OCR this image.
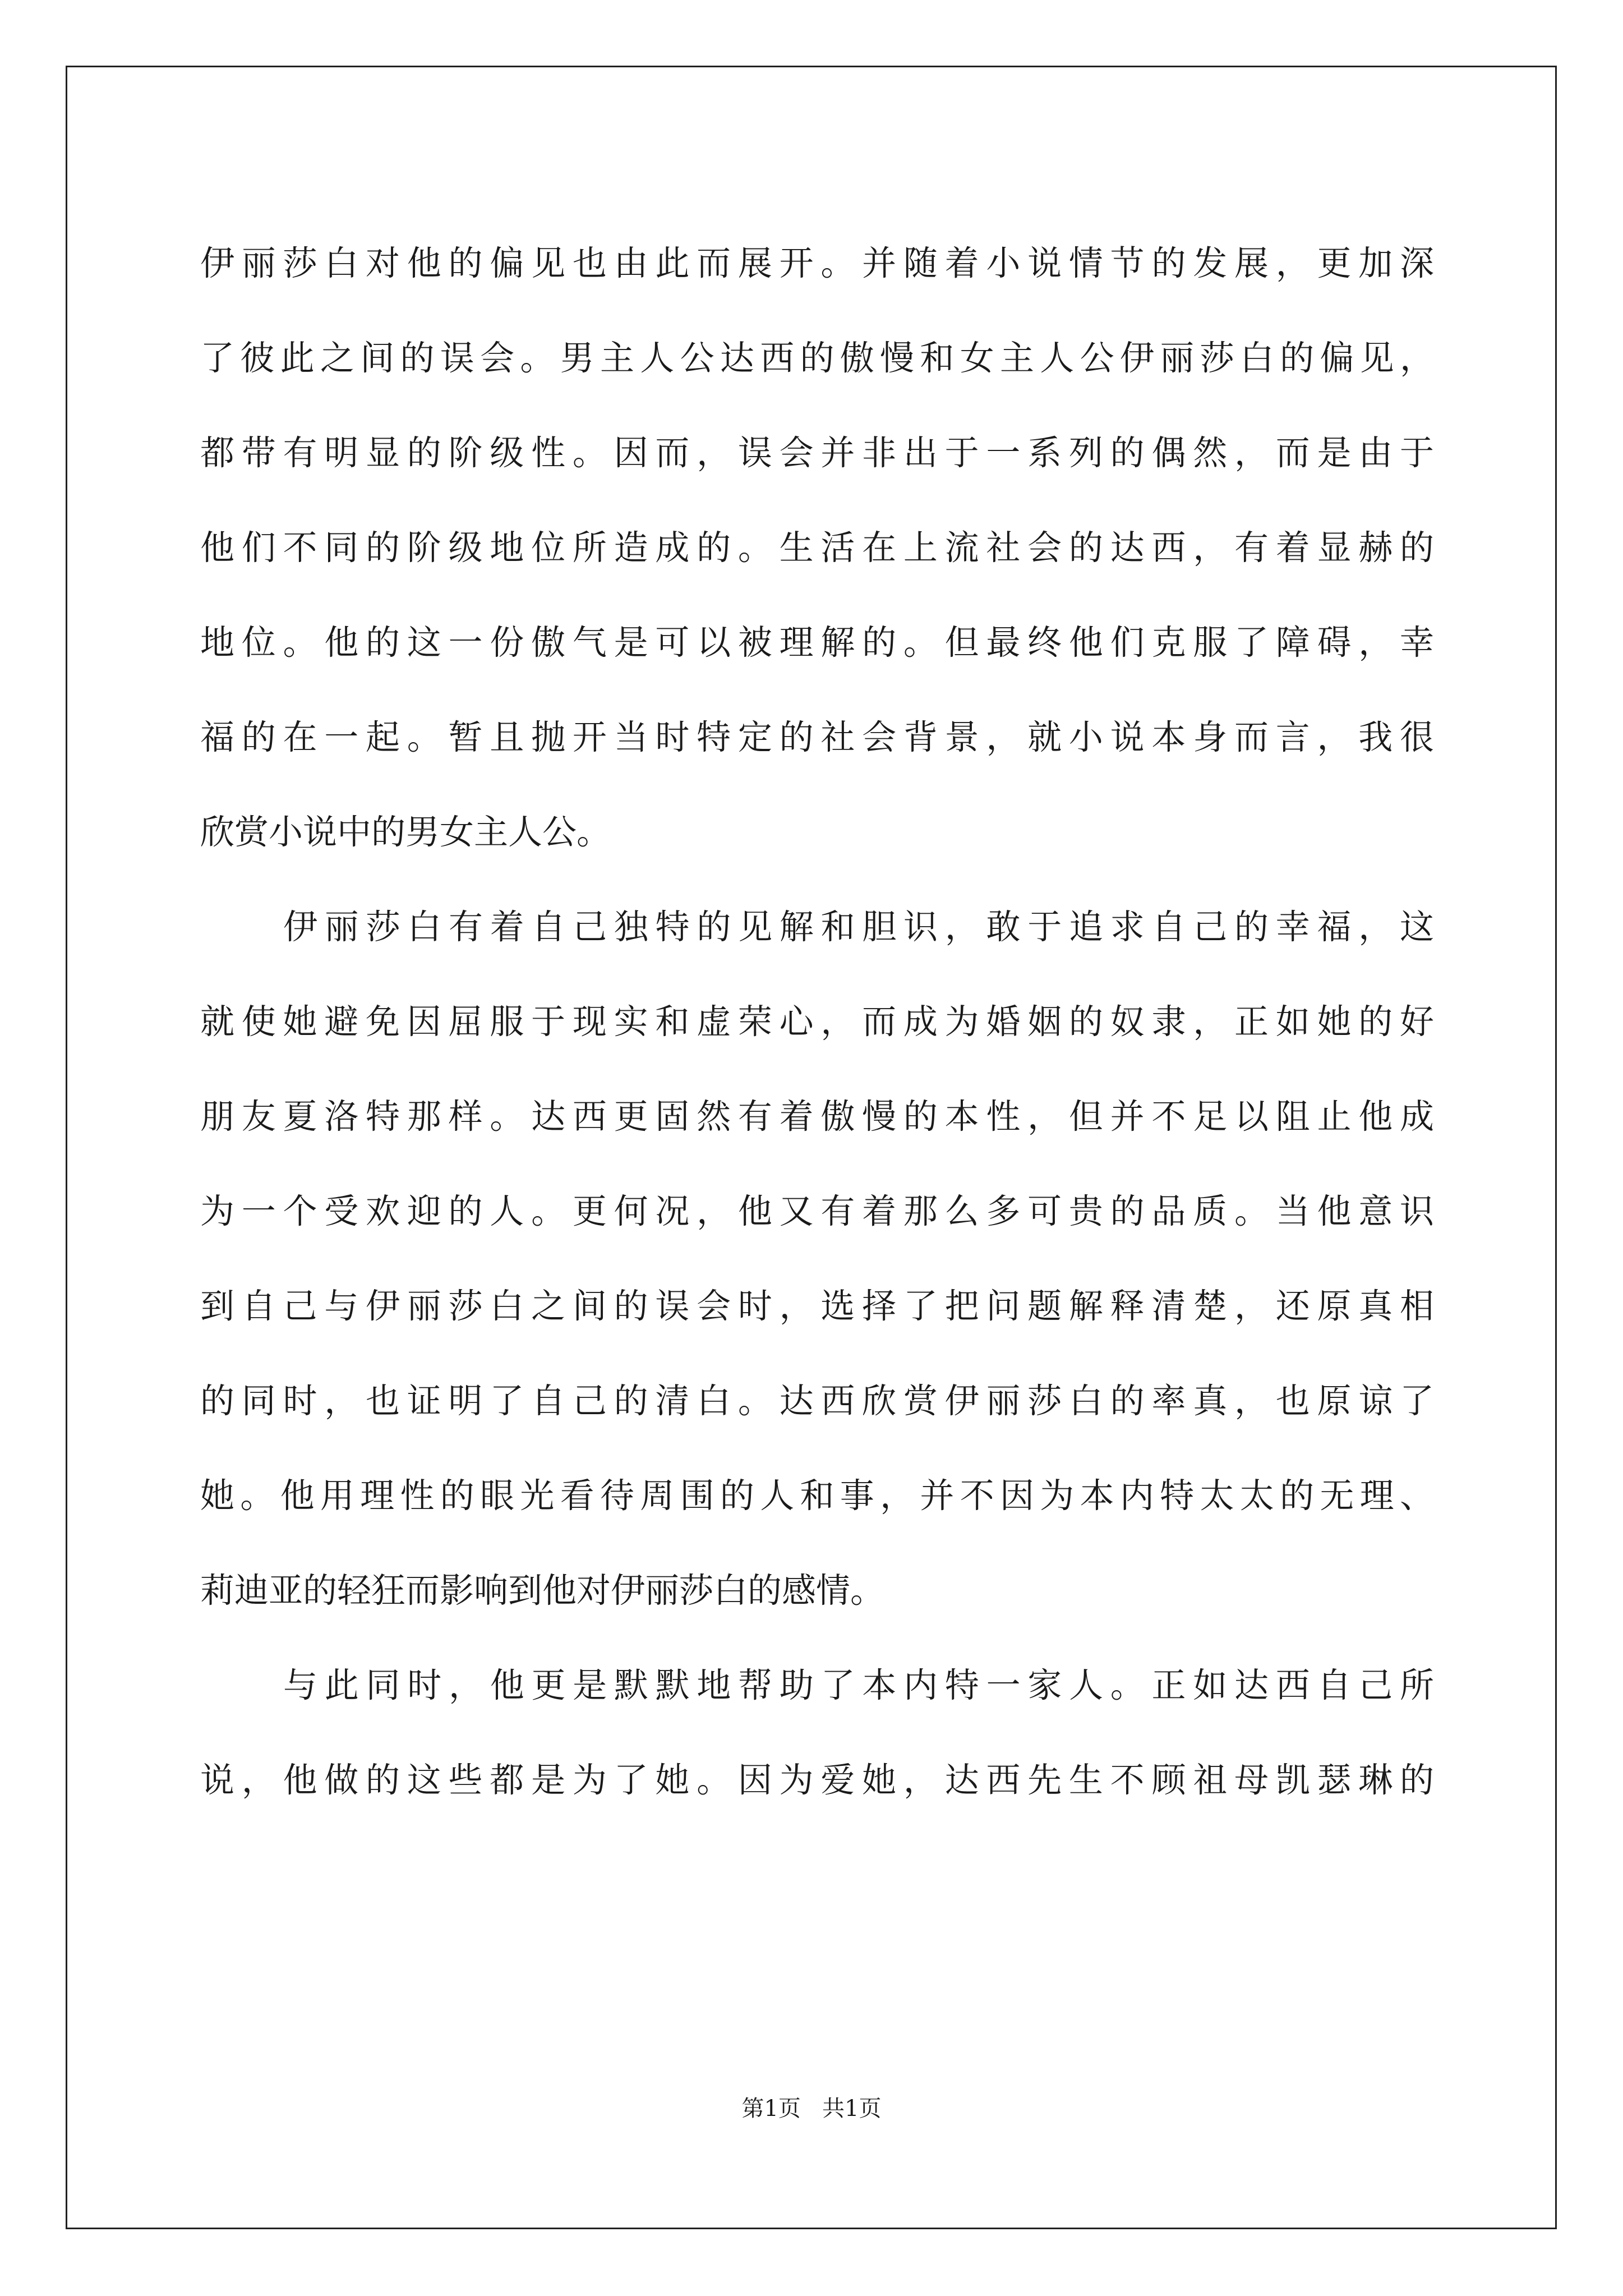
伊丽莎白对他的偏见也由此而展开。并随着小说情节的发展，更加深
了彼此之间的误会。男主人公达西的傲慢和女主人公伊丽莎白的偏见，
都带有明显的阶级性。因而，误会并非出于一系列的偶然，而是由于
他们不同的阶级地位所造成的。生活在上流社会的达西，有着显赫的
地位。他的这一份傲气是可以被理解的。但最终他们克服了障碍，幸
福的在一起。暂且抛开当时特定的社会背景，就小说本身而言，我很
欣赏小说中的男女主人公。
伊丽莎白有着自己独特的见解和胆识，敢于追求自己的幸福，这
就使她避免因屈服于现实和虚荣心，而成为婚姻的奴隶，正如她的好
朋友夏洛特那样。达西更固然有着傲慢的本性，但并不足以阻止他成
为一个受欢迎的人。更何况，他又有着那么多可贵的品质。当他意识
到自己与伊丽莎白之间的误会时，选择了把问题解释清楚，还原真相
的同时，也证明了自己的清白。达西欣赏伊丽莎白的率真，也原谅了
她。他用理性的眼光看待周围的人和事，并不因为本内特太太的无理、
莉迪亚的轻狂而影响到他对伊丽莎白的感情。
与此同时，他更是默默地帮助了本内特一家人。正如达西自己所
说，他做的这些都是为了她。因为爱她，达西先生不顾祖母凯瑟琳的
第1页   共1页
